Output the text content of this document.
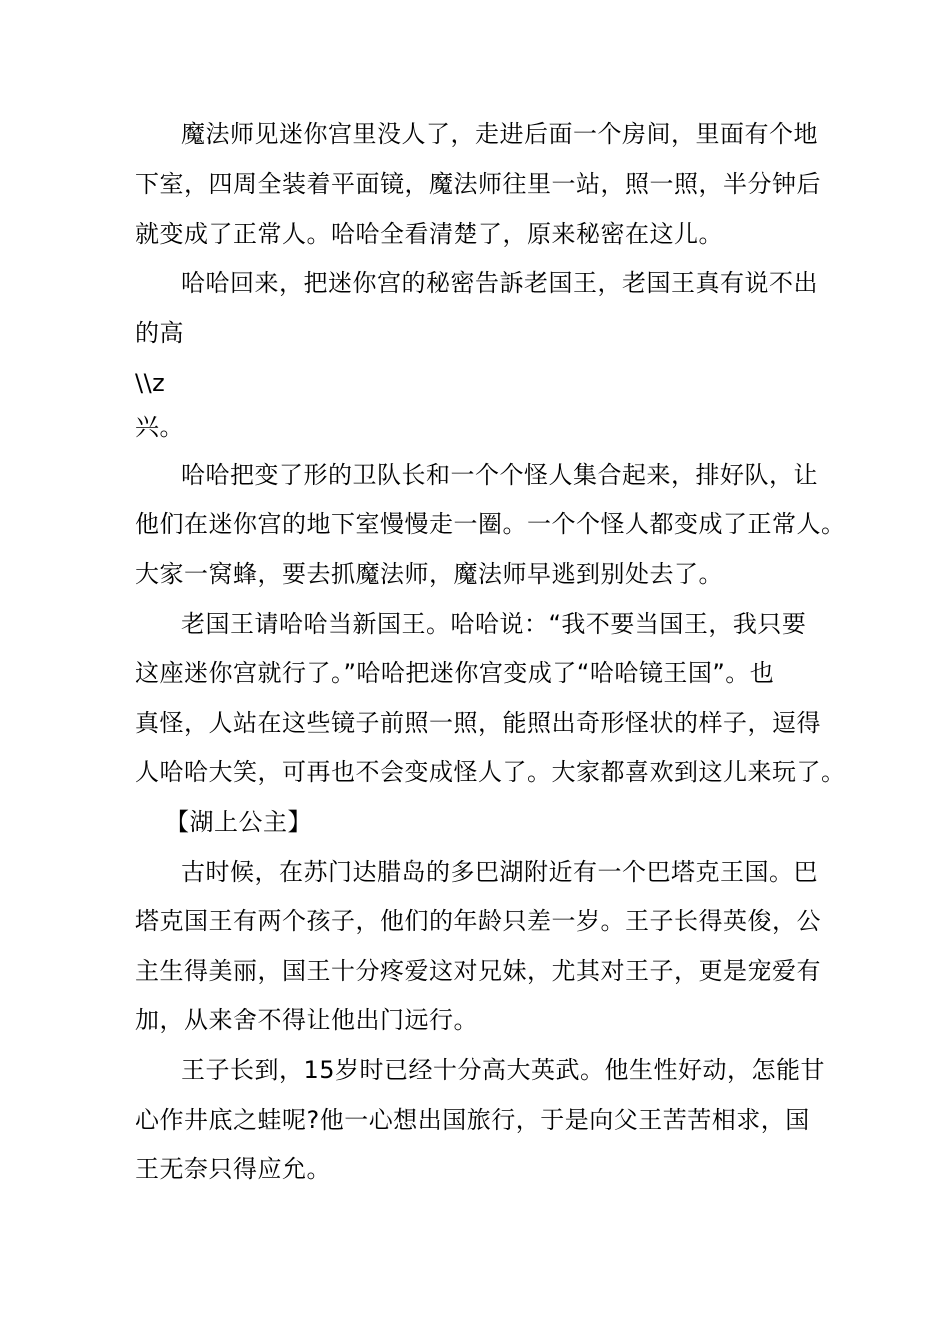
魔法师见迷你宫里没人了，走进后面一个房间，里面有个地
下室，四周全装着平面镜，魔法师往里一站，照一照，半分钟后
就变成了正常人。哈哈全看清楚了，原来秘密在这儿。
哈哈回来，把迷你宫的秘密告訴老国王，老国王真有说不出
的高
\\z
兴。
哈哈把变了形的卫队长和一个个怪人集合起来，排好队，让
他们在迷你宫的地下室慢慢走一圈。一个个怪人都变成了正常人。
大家一窝蜂，要去抓魔法师，魔法师早逃到别处去了。
老国王请哈哈当新国王。哈哈说：“我不要当国王，我只要
这座迷你宫就行了。”哈哈把迷你宫变成了“哈哈镜王国”。也
真怪，人站在这些镜子前照一照，能照出奇形怪状的样子，逗得
人哈哈大笑，可再也不会变成怪人了。大家都喜欢到这儿来玩了。
【湖上公主】
古时候，在苏门达腊岛的多巴湖附近有一个巴塔克王国。巴
塔克国王有两个孩子，他们的年龄只差一岁。王子长得英俊，公
主生得美丽，国王十分疼爱这对兄妹，尤其对王子，更是宠爱有
加，从来舍不得让他出门远行。
王子长到，15岁时已经十分高大英武。他生性好动，怎能甘
心作井底之蛙呢?他一心想出国旅行，于是向父王苦苦相求，国
王无奈只得应允。
